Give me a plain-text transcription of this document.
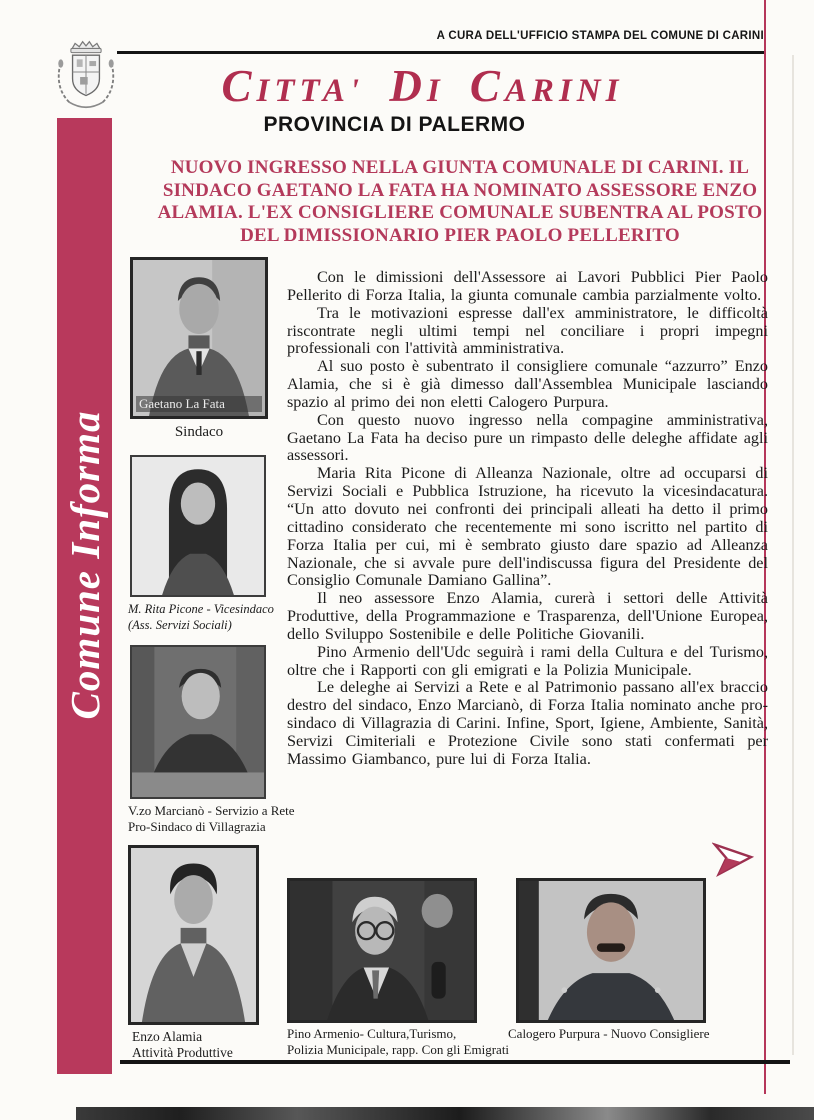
A CURA DELL'UFFICIO STAMPA DEL COMUNE DI CARINI
Comune Informa
CITTA' DI CARINI
PROVINCIA DI PALERMO
NUOVO INGRESSO NELLA GIUNTA COMUNALE DI CARINI. IL SINDACO GAETANO LA FATA HA NOMINATO ASSESSORE ENZO ALAMIA. L'EX CONSIGLIERE COMUNALE SUBENTRA AL POSTO DEL DIMISSIONARIO PIER PAOLO PELLERITO
Gaetano La Fata
Sindaco
M. Rita Picone - Vicesindaco
(Ass. Servizi Sociali)
V.zo Marcianò - Servizio a Rete
Pro-Sindaco di Villagrazia
Enzo Alamia
Attività Produttive

Con le dimissioni dell'Assessore ai Lavori Pubblici Pier Paolo Pellerito di Forza Italia, la giunta comunale cambia parzialmente volto.

Tra le motivazioni espresse dall'ex amministratore, le difficoltà riscontrate negli ultimi tempi nel conciliare i propri impegni professionali con l'attività amministrativa.

Al suo posto è subentrato il consigliere comunale “azzurro” Enzo Alamia, che si è già dimesso dall'Assemblea Municipale lasciando spazio al primo dei non eletti Calogero Purpura.

Con questo nuovo ingresso nella compagine amministrativa, Gaetano La Fata ha deciso pure un rimpasto delle deleghe affidate agli assessori.

Maria Rita Picone di Alleanza Nazionale, oltre ad occuparsi di Servizi Sociali e Pubblica Istruzione, ha ricevuto la vicesindacatura. “Un atto dovuto nei confronti dei principali alleati ha detto il primo cittadino considerato che recentemente mi sono iscritto nel partito di Forza Italia per cui, mi è sembrato giusto dare spazio ad Alleanza Nazionale, che si avvale pure dell'indiscussa figura del Presidente del Consiglio Comunale Damiano Gallina”.

Il neo assessore Enzo Alamia, curerà i settori delle Attività Produttive, della Programmazione e Trasparenza, dell'Unione Europea, dello Sviluppo Sostenibile e delle Politiche Giovanili.

Pino Armenio dell'Udc seguirà i rami della Cultura e del Turismo, oltre che i Rapporti con gli emigrati e la Polizia Municipale.

Le deleghe ai Servizi a Rete e al Patrimonio passano all'ex braccio destro del sindaco, Enzo Marcianò, di Forza Italia nominato anche pro-sindaco di Villagrazia di Carini. Infine, Sport, Igiene, Ambiente, Sanità, Servizi Cimiteriali e Protezione Civile sono stati confermati per Massimo Giambanco, pure lui di Forza Italia.

Pino Armenio- Cultura,Turismo,
Polizia Municipale, rapp. Con gli Emigrati
Calogero Purpura - Nuovo Consigliere
